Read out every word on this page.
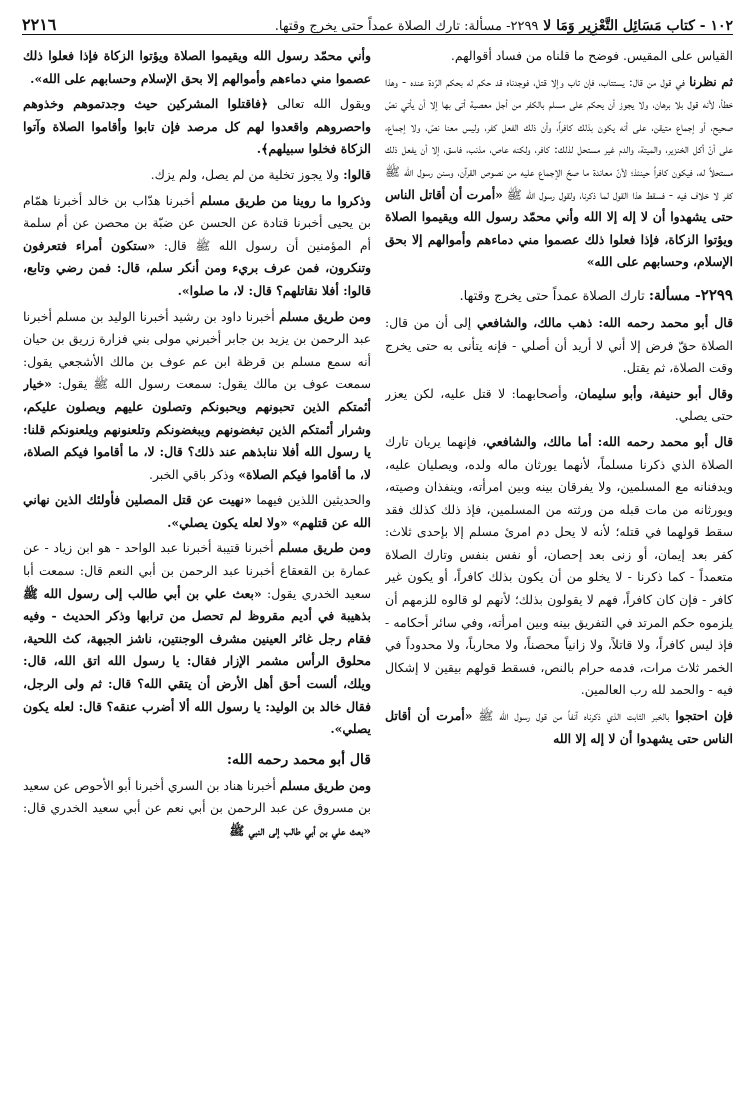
١٠٢ - كتاب مَسَائِل التَّعْزِير وَمَا لا ٢٢٩٩- مسألة: تارك الصلاة عمداً حتى يخرج وقتها.
٢٢١٦

القياس على المقيس. فوضح ما قلناه من فساد أقوالهم.

ثم نظرنا في قول من قال: يستتاب، فإن تاب وإلا قتل، فوجدناه قد حكم له بحكم الرّدة عنده - وهذا خطأ، لأنه قول بلا برهان، ولا يجوز أن يحكم على مسلم بالكفر من أجل معصية أتى بها إلا أن يأتي نصّ صحيح، أو إجماع متيقن، على أنه يكون بذلك كافراً، وأن ذلك الفعل كفر، وليس معنا نصّ، ولا إجماع، على أنّ أكل الخنزير، والميتة، والدم غير مستحل لذلك: كافر، ولكنه عاص، مذنب، فاسق، إلا أن يفعل ذلك مستحلاً له، فيكون كافراً حينئذ؛ لأنّ معاندة ما صحّ الإجماع عليه من نصوص القرآن، وسنن رسول الله ﷺ كفر لا خلاف فيه - فسقط هذا القول لما ذكرنا، ولقول رسول الله ﷺ «أمرت أن أقاتل الناس حتى يشهدوا أن لا إله إلا الله وأني محمّد رسول الله ويقيموا الصلاة ويؤتوا الزكاة، فإذا فعلوا ذلك عصموا مني دماءهم وأموالهم إلا بحق الإسلام، وحسابهم على الله»

٢٢٩٩- مسألة: تارك الصلاة عمداً حتى يخرج وقتها.

قال أبو محمد رحمه الله: ذهب مالك، والشافعي إلى أن من قال: الصلاة حقّ فرض إلا أني لا أريد أن أصلي - فإنه يتأنى به حتى يخرج وقت الصلاة، ثم يقتل.

وقال أبو حنيفة، وأبو سليمان، وأصحابهما: لا قتل عليه، لكن يعزر حتى يصلي.

قال أبو محمد رحمه الله: أما مالك، والشافعي، فإنهما يريان تارك الصلاة الذي ذكرنا مسلماً، لأنهما يورثان ماله ولده، ويصليان عليه، ويدفنانه مع المسلمين، ولا يفرقان بينه وبين امرأته، وينفذان وصيته، ويورثانه من مات قبله من ورثته من المسلمين، فإذ ذلك كذلك فقد سقط قولهما في قتله؛ لأنه لا يحل دم امرئ مسلم إلا بإحدى ثلاث: كفر بعد إيمان، أو زنى بعد إحصان، أو نفس بنفس وتارك الصلاة متعمداً - كما ذكرنا - لا يخلو من أن يكون بذلك كافراً، أو يكون غير كافر - فإن كان كافراً، فهم لا يقولون بذلك؛ لأنهم لو قالوه للزمهم أن يلزموه حكم المرتد في التفريق بينه وبين امرأته، وفي سائر أحكامه - فإذ ليس كافراً، ولا قاتلاً، ولا زانياً محصناً، ولا محارباً، ولا محدوداً في الخمر ثلاث مرات، فدمه حرام بالنص، فسقط قولهم بيقين لا إشكال فيه - والحمد لله رب العالمين.

فإن احتجوا بالخبر الثابت الذي ذكرناه آنفاً من قول رسول الله ﷺ «أمرت أن أقاتل الناس حتى يشهدوا أن لا إله إلا الله

وأني محمّد رسول الله ويقيموا الصلاة ويؤتوا الزكاة فإذا فعلوا ذلك عصموا مني دماءهم وأموالهم إلا بحق الإسلام وحسابهم على الله».

ويقول الله تعالى ﴿فاقتلوا المشركين حيث وجدتموهم وخذوهم واحصروهم واقعدوا لهم كل مرصد فإن تابوا وأقاموا الصلاة وآتوا الزكاة فخلوا سبيلهم﴾.

قالوا: ولا يجوز تخلية من لم يصل، ولم يزك.

وذكروا ما روينا من طريق مسلم أخبرنا هدّاب بن خالد أخبرنا همّام بن يحيى أخبرنا قتادة عن الحسن عن ضبّة بن محصن عن أم سلمة أم المؤمنين أن رسول الله ﷺ قال: «ستكون أمراء فتعرفون وتنكرون، فمن عرف بريء ومن أنكر سلم، قال: فمن رضي وتابع، قالوا: أفلا نقاتلهم؟ قال: لا، ما صلوا».

ومن طريق مسلم أخبرنا داود بن رشيد أخبرنا الوليد بن مسلم أخبرنا عبد الرحمن بن يزيد بن جابر أخبرني مولى بني فزارة زريق بن حيان أنه سمع مسلم بن قرظة ابن عم عوف بن مالك الأشجعي يقول: سمعت عوف بن مالك يقول: سمعت رسول الله ﷺ يقول: «خيار أئمتكم الذين تحبونهم ويحبونكم وتصلون عليهم ويصلون عليكم، وشرار أئمتكم الذين تبغضونهم ويبغضونكم وتلعنونهم ويلعنونكم قلنا: يا رسول الله أفلا ننابذهم عند ذلك؟ قال: لا، ما أقاموا فيكم الصلاة، لا، ما أقاموا فيكم الصلاة» وذكر باقي الخبر.

والحديثين اللذين فيهما «نهيت عن قتل المصلين فأولئك الذين نهاني الله عن قتلهم» «ولا لعله يكون يصلي».

ومن طريق مسلم أخبرنا قتيبة أخبرنا عبد الواحد - هو ابن زياد - عن عمارة بن القعقاع أخبرنا عبد الرحمن بن أبي النعم قال: سمعت أبا سعيد الخدري يقول: «بعث علي بن أبي طالب إلى رسول الله ﷺ بذهيبة في أديم مقروظ لم تحصل من ترابها وذكر الحديث - وفيه فقام رجل غائر العينين مشرف الوجنتين، ناشز الجبهة، كث اللحية، محلوق الرأس مشمر الإزار فقال: يا رسول الله اتق الله، قال: ويلك، ألست أحق أهل الأرض أن يتقي الله؟ قال: ثم ولى الرجل، فقال خالد بن الوليد: يا رسول الله ألا أضرب عنقه؟ قال: لعله يكون يصلي».

قال أبو محمد رحمه الله:

ومن طريق مسلم أخبرنا هناد بن السري أخبرنا أبو الأحوص عن سعيد بن مسروق عن عبد الرحمن بن أبي نعم عن أبي سعيد الخدري قال: «بعث علي بن أبي طالب إلى النبي ﷺ
